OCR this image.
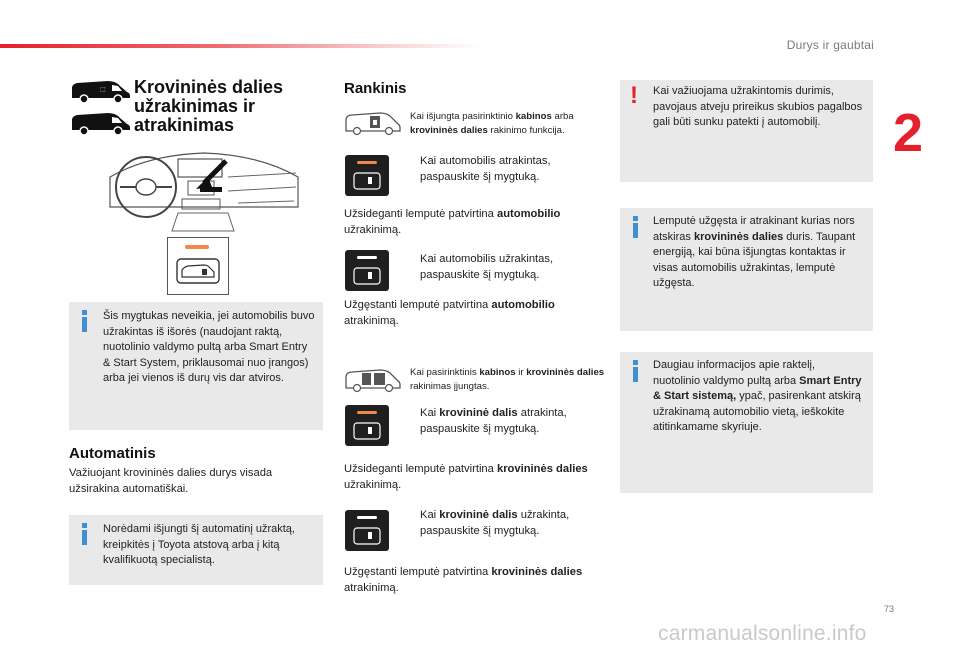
Durys ir gaubtai
2
73
carmanualsonline.info
⬚ Krovininės dalies užrakinimas ir atrakinimas
Šis mygtukas neveikia, jei automobilis buvo užrakintas iš išorės (naudojant raktą, nuotolinio valdymo pultą arba Smart Entry & Start System, priklausomai nuo įrangos) arba jei vienos iš durų vis dar atviros.
Automatinis
Važiuojant krovininės dalies durys visada užsirakina automatiškai.
Norėdami išjungti šį automatinį užraktą, kreipkitės į Toyota atstovą arba į kitą kvalifikuotą specialistą.
Rankinis
Kai išjungta pasirinktinio kabinos arba krovininės dalies rakinimo funkcija.
Kai automobilis atrakintas, paspauskite šį mygtuką.
Užsideganti lemputė patvirtina automobilio užrakinimą.
Kai automobilis užrakintas, paspauskite šį mygtuką.
Užgęstanti lemputė patvirtina automobilio atrakinimą.
Kai pasirinktinis kabinos ir krovininės dalies rakinimas įjungtas.
Kai krovininė dalis atrakinta, paspauskite šį mygtuką.
Užsideganti lemputė patvirtina krovininės dalies užrakinimą.
Kai krovininė dalis užrakinta, paspauskite šį mygtuką.
Užgęstanti lemputė patvirtina krovininės dalies atrakinimą.
! Kai važiuojama užrakintomis durimis, pavojaus atveju prireikus skubios pagalbos gali būti sunku patekti į automobilį.
Lemputė užgęsta ir atrakinant kurias nors atskiras krovininės dalies duris. Taupant energiją, kai būna išjungtas kontaktas ir visas automobilis užrakintas, lemputė užgęsta.
Daugiau informacijos apie raktelį, nuotolinio valdymo pultą arba Smart Entry & Start sistemą, ypač, pasirenkant atskirą užrakinamą automobilio vietą, ieškokite atitinkamame skyriuje.
